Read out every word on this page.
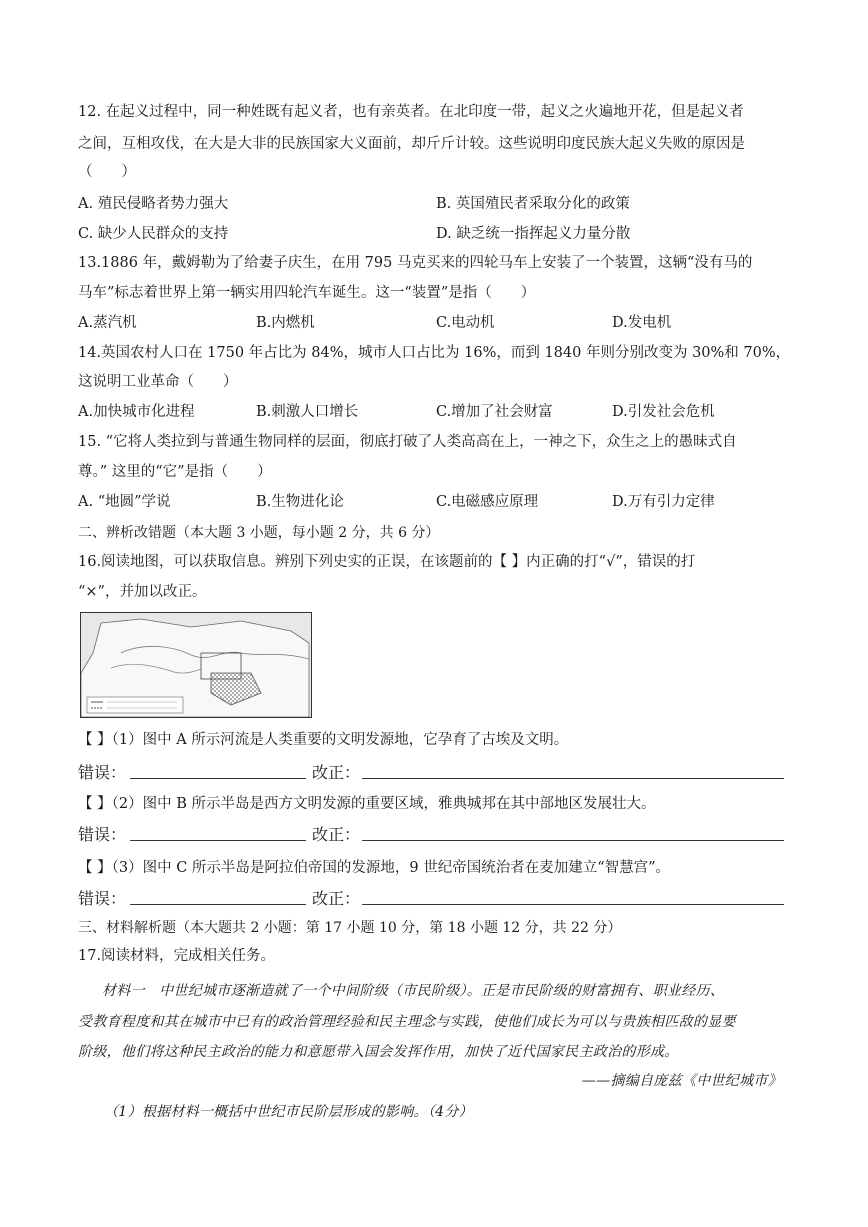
12. 在起义过程中，同一种姓既有起义者，也有亲英者。在北印度一带，起义之火遍地开花，但是起义者
之间，互相攻伐，在大是大非的民族国家大义面前，却斤斤计较。这些说明印度民族大起义失败的原因是
（　　）
A. 殖民侵略者势力强大	B. 英国殖民者采取分化的政策
C. 缺少人民群众的支持	D. 缺乏统一指挥起义力量分散
13.1886 年，戴姆勒为了给妻子庆生，在用 795 马克买来的四轮马车上安装了一个装置，这辆“没有马的
马车”标志着世界上第一辆实用四轮汽车诞生。这一“装置”是指（　　）
A.蒸汽机	B.内燃机	C.电动机	D.发电机
14.英国农村人口在 1750 年占比为 84%，城市人口占比为 16%，而到 1840 年则分别改变为 30%和 70%，
这说明工业革命（　　）
A.加快城市化进程	B.刺激人口增长	C.增加了社会财富	D.引发社会危机
15. “它将人类拉到与普通生物同样的层面，彻底打破了人类高高在上，一神之下，众生之上的愚昧式自
尊。” 这里的“它”是指（　　）
A. “地圆”学说	B.生物进化论	C.电磁感应原理	D.万有引力定律
二、辨析改错题（本大题 3 小题，每小题 2 分，共 6 分）
16.阅读地图，可以获取信息。辨别下列史实的正误，在该题前的【 】内正确的打“√”，错误的打
“×”，并加以改正。
【 】（1）图中 A 所示河流是人类重要的文明发源地，它孕育了古埃及文明。
错误：	改正：
【 】（2）图中 B 所示半岛是西方文明发源的重要区域，雅典城邦在其中部地区发展壮大。
错误：	改正：
【 】（3）图中 C 所示半岛是阿拉伯帝国的发源地，9 世纪帝国统治者在麦加建立“智慧宫”。
错误：	改正：
三、材料解析题（本大题共 2 小题：第 17 小题 10 分，第 18 小题 12 分，共 22 分）
17.阅读材料，完成相关任务。
材料一　中世纪城市逐渐造就了一个中间阶级（市民阶级）。正是市民阶级的财富拥有、职业经历、
受教育程度和其在城市中已有的政治管理经验和民主理念与实践，使他们成长为可以与贵族相匹敌的显要
阶级，他们将这种民主政治的能力和意愿带入国会发挥作用，加快了近代国家民主政治的形成。
——摘编自庞兹《中世纪城市》
（1）根据材料一概括中世纪市民阶层形成的影响。（4分）
